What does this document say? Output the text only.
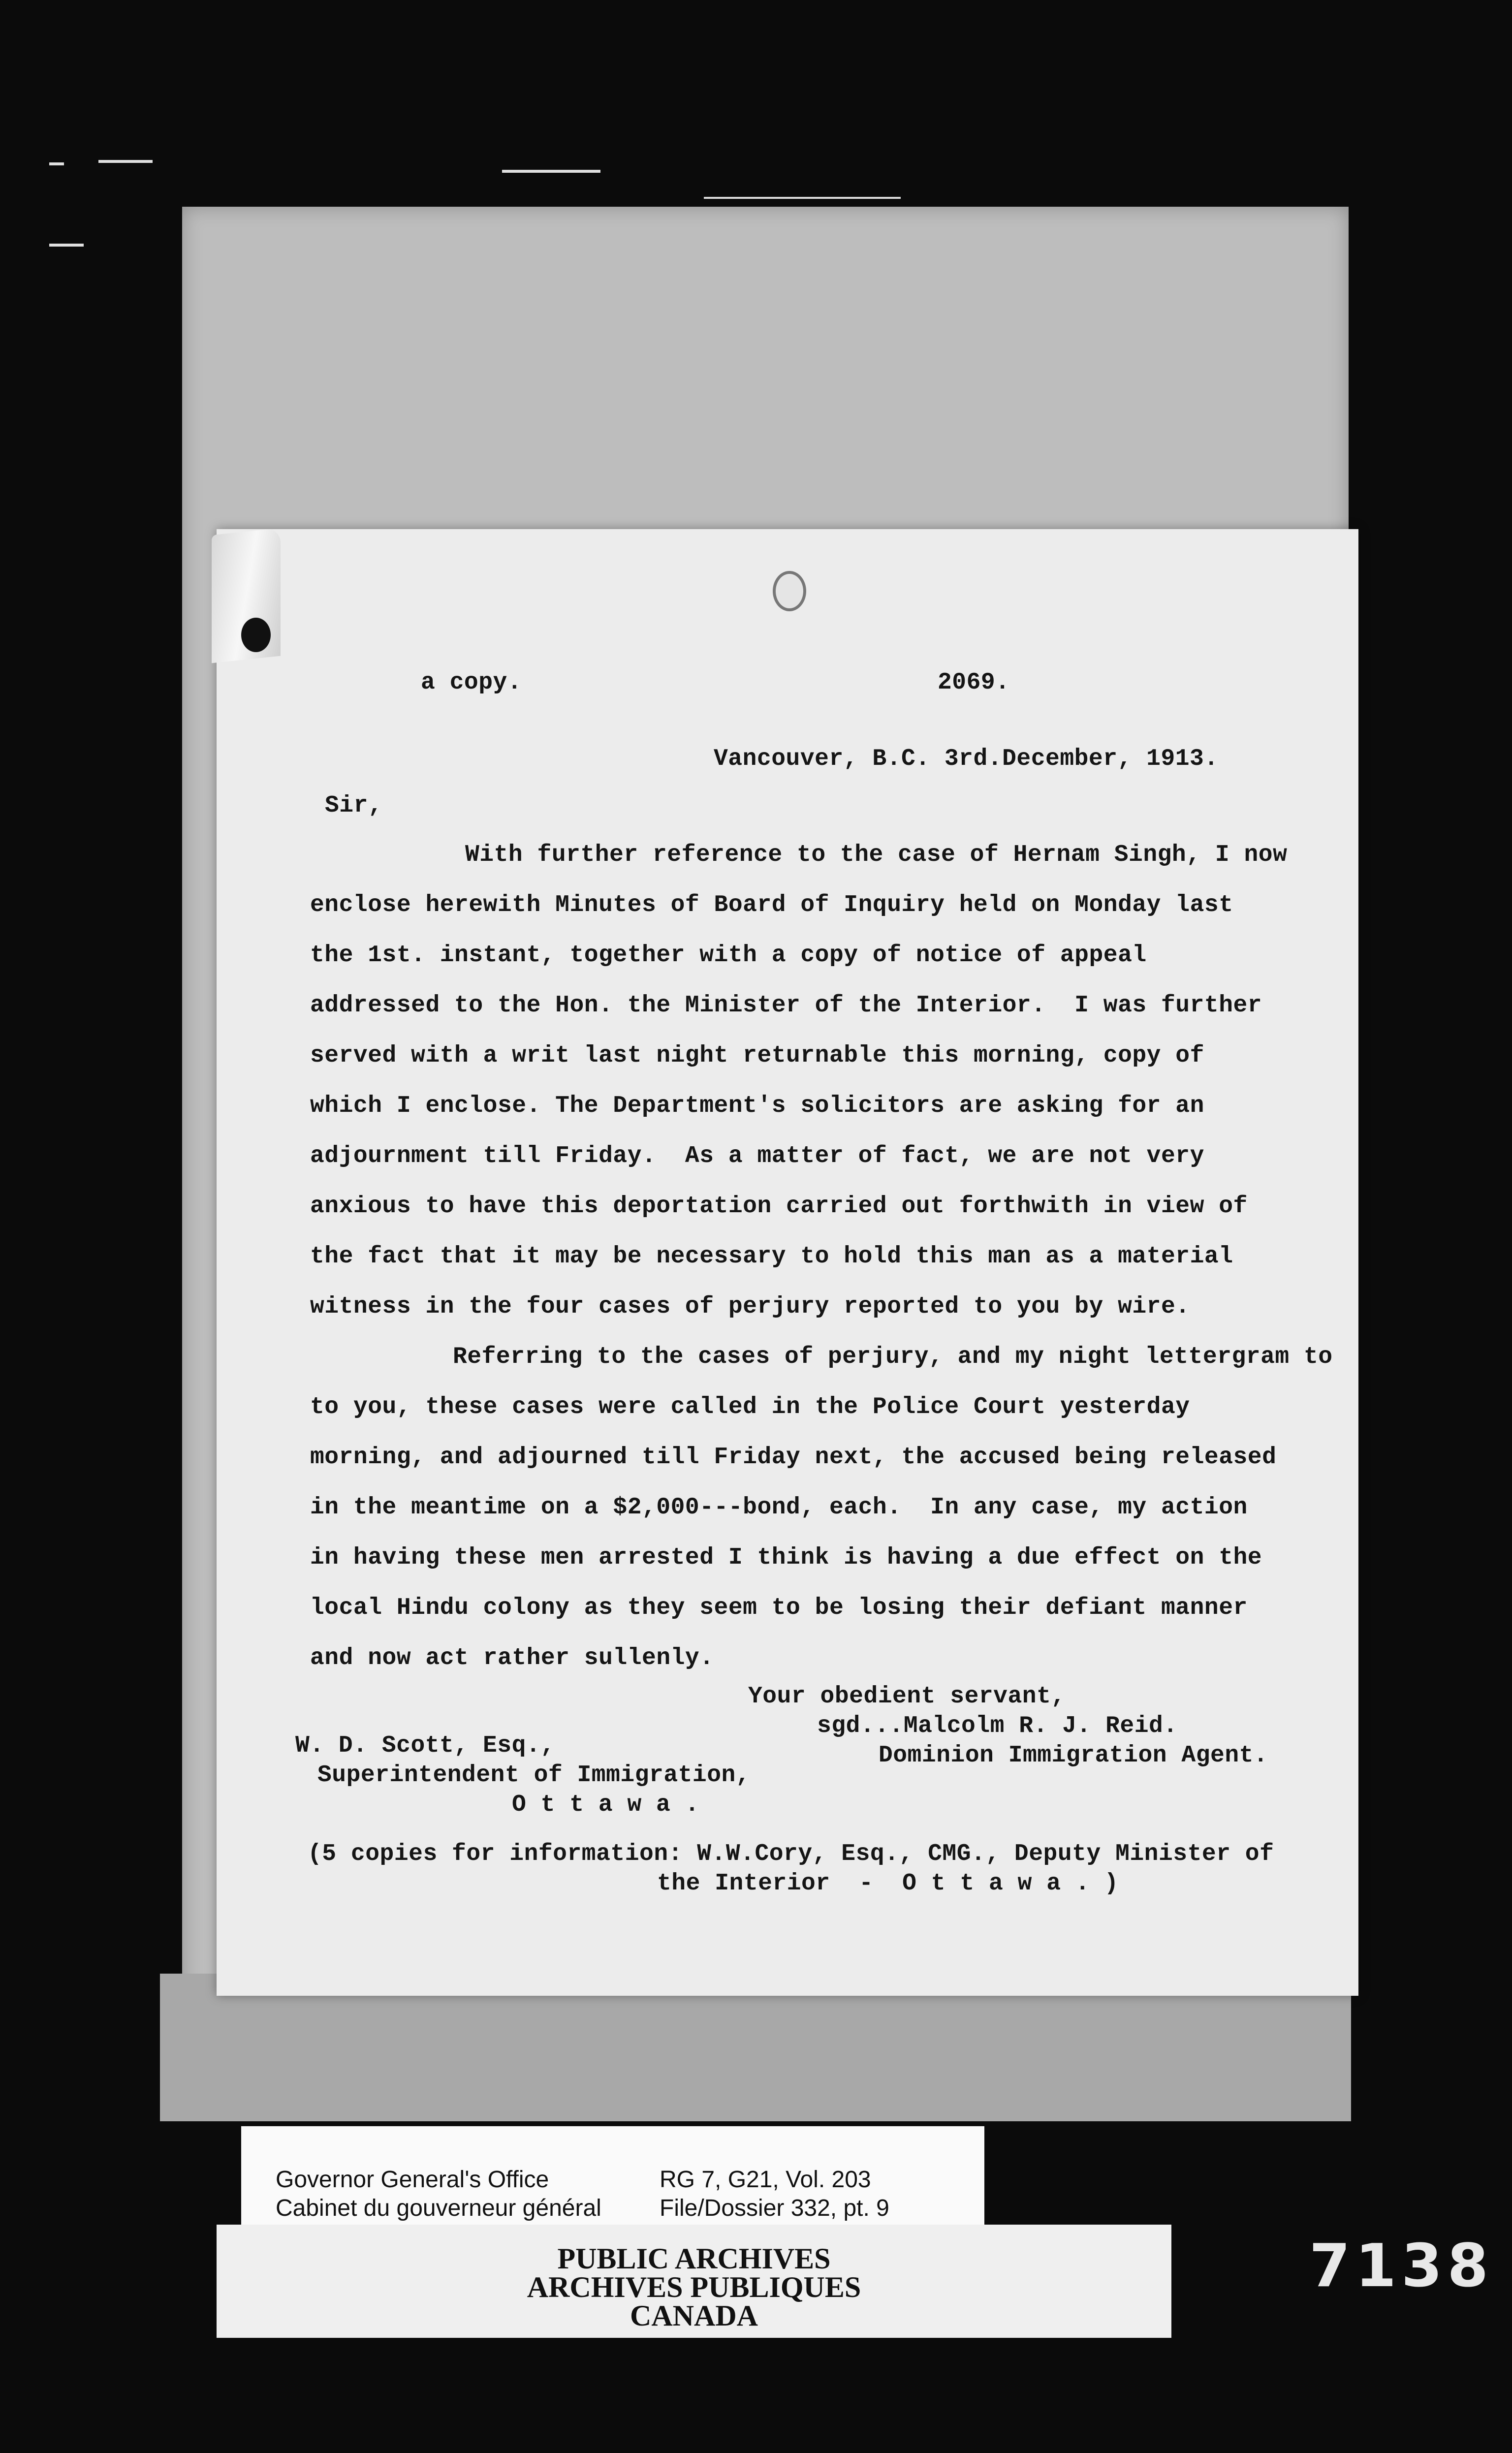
a copy.	2069.
Vancouver, B.C. 3rd.December, 1913.
Sir,
With further reference to the case of Hernam Singh, I now
enclose herewith Minutes of Board of Inquiry held on Monday last
the 1st. instant, together with a copy of notice of appeal
addressed to the Hon. the Minister of the Interior.  I was further
served with a writ last night returnable this morning, copy of
which I enclose. The Department's solicitors are asking for an
adjournment till Friday.  As a matter of fact, we are not very
anxious to have this deportation carried out forthwith in view of
the fact that it may be necessary to hold this man as a material
witness in the four cases of perjury reported to you by wire.
Referring to the cases of perjury, and my night lettergram to
to you, these cases were called in the Police Court yesterday
morning, and adjourned till Friday next, the accused being released
in the meantime on a $2,000---bond, each.  In any case, my action
in having these men arrested I think is having a due effect on the
local Hindu colony as they seem to be losing their defiant manner
and now act rather sullenly.
Your obedient servant,
sgd...Malcolm R. J. Reid.
Dominion Immigration Agent.
W. D. Scott, Esq.,
Superintendent of Immigration,
O t t a w a .
(5 copies for information: W.W.Cory, Esq., CMG., Deputy Minister of
the Interior  -  O t t a w a . )
Governor General's Office
Cabinet du gouverneur général
RG 7, G21, Vol. 203
File/Dossier 332, pt. 9
PUBLIC ARCHIVES
ARCHIVES PUBLIQUES
CANADA
7138
